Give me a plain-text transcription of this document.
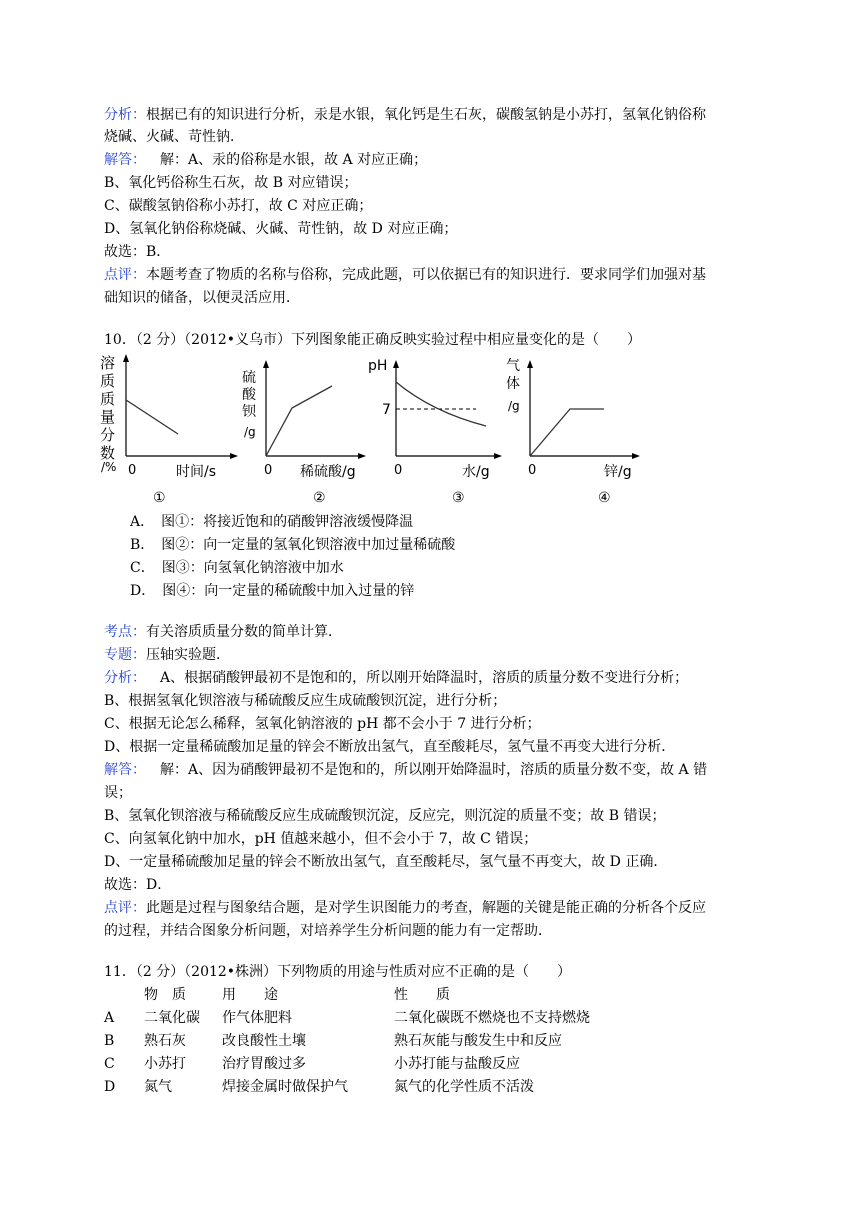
分析：根据已有的知识进行分析，汞是水银，氧化钙是生石灰，碳酸氢钠是小苏打，氢氧化钠俗称
烧碱、火碱、苛性钠．
解答： 解：A、汞的俗称是水银，故 A 对应正确；
B、氧化钙俗称生石灰，故 B 对应错误；
C、碳酸氢钠俗称小苏打，故 C 对应正确；
D、氢氧化钠俗称烧碱、火碱、苛性钠，故 D 对应正确；
故选：B．
点评：本题考查了物质的名称与俗称，完成此题，可以依据已有的知识进行．要求同学们加强对基
础知识的储备，以便灵活应用．
10．（2 分）（2012•义乌市）下列图象能正确反映实验过程中相应量变化的是（　　）
溶
质
质
量
分
数
/% 0	时间/s
硫
酸
钡
/g
0 稀硫酸/g
pH
7
0	水/g
气
体
/g
0	锌/g
①	②	③	④
A．　图①：将接近饱和的硝酸钾溶液缓慢降温
B．　图②：向一定量的氢氧化钡溶液中加过量稀硫酸
C．　图③：向氢氧化钠溶液中加水
D．　图④：向一定量的稀硫酸中加入过量的锌
考点：有关溶质质量分数的简单计算．
专题：压轴实验题．
分析： A、根据硝酸钾最初不是饱和的，所以刚开始降温时，溶质的质量分数不变进行分析；
B、根据氢氧化钡溶液与稀硫酸反应生成硫酸钡沉淀，进行分析；
C、根据无论怎么稀释，氢氧化钠溶液的 pH 都不会小于 7 进行分析；
D、根据一定量稀硫酸加足量的锌会不断放出氢气，直至酸耗尽，氢气量不再变大进行分析．
解答： 解：A、因为硝酸钾最初不是饱和的，所以刚开始降温时，溶质的质量分数不变，故 A 错
误；
B、氢氧化钡溶液与稀硫酸反应生成硫酸钡沉淀，反应完，则沉淀的质量不变；故 B 错误；
C、向氢氧化钠中加水，pH 值越来越小，但不会小于 7，故 C 错误；
D、一定量稀硫酸加足量的锌会不断放出氢气，直至酸耗尽，氢气量不再变大，故 D 正确．
故选：D．
点评：此题是过程与图象结合题，是对学生识图能力的考查，解题的关键是能正确的分析各个反应
的过程，并结合图象分析问题，对培养学生分析问题的能力有一定帮助．
11．（2 分）（2012•株洲）下列物质的用途与性质对应不正确的是（　　）
物　质	用　　途	性　　质
A 二氧化碳 作气体肥料	二氧化碳既不燃烧也不支持燃烧
B 熟石灰	改良酸性土壤	熟石灰能与酸发生中和反应
C 小苏打	治疗胃酸过多	小苏打能与盐酸反应
D 氮气	焊接金属时做保护气	氮气的化学性质不活泼
